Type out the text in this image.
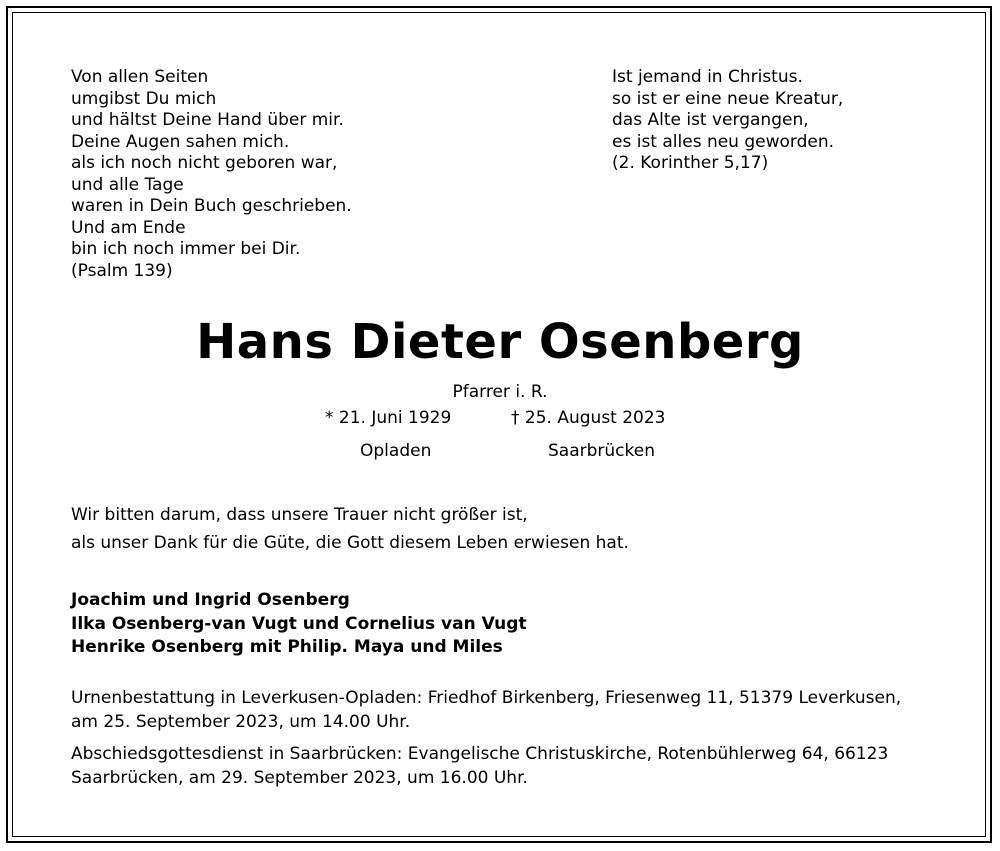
Von allen Seiten
umgibst Du mich
und hältst Deine Hand über mir.
Deine Augen sahen mich.
als ich noch nicht geboren war,
und alle Tage
waren in Dein Buch geschrieben.
Und am Ende
bin ich noch immer bei Dir.
(Psalm 139)
Ist jemand in Christus.
so ist er eine neue Kreatur,
das Alte ist vergangen,
es ist alles neu geworden.
(2. Korinther 5,17)
Hans Dieter Osenberg
Pfarrer i. R.
* 21. Juni 1929	† 25. August 2023
Opladen	Saarbrücken
Wir bitten darum, dass unsere Trauer nicht größer ist,
als unser Dank für die Güte, die Gott diesem Leben erwiesen hat.
Joachim und Ingrid Osenberg
Ilka Osenberg-van Vugt und Cornelius van Vugt
Henrike Osenberg mit Philip. Maya und Miles
Urnenbestattung in Leverkusen-Opladen: Friedhof Birkenberg, Friesenweg 11, 51379 Leverkusen,
am 25. September 2023, um 14.00 Uhr.
Abschiedsgottesdienst in Saarbrücken: Evangelische Christuskirche, Rotenbühlerweg 64, 66123
Saarbrücken, am 29. September 2023, um 16.00 Uhr.
